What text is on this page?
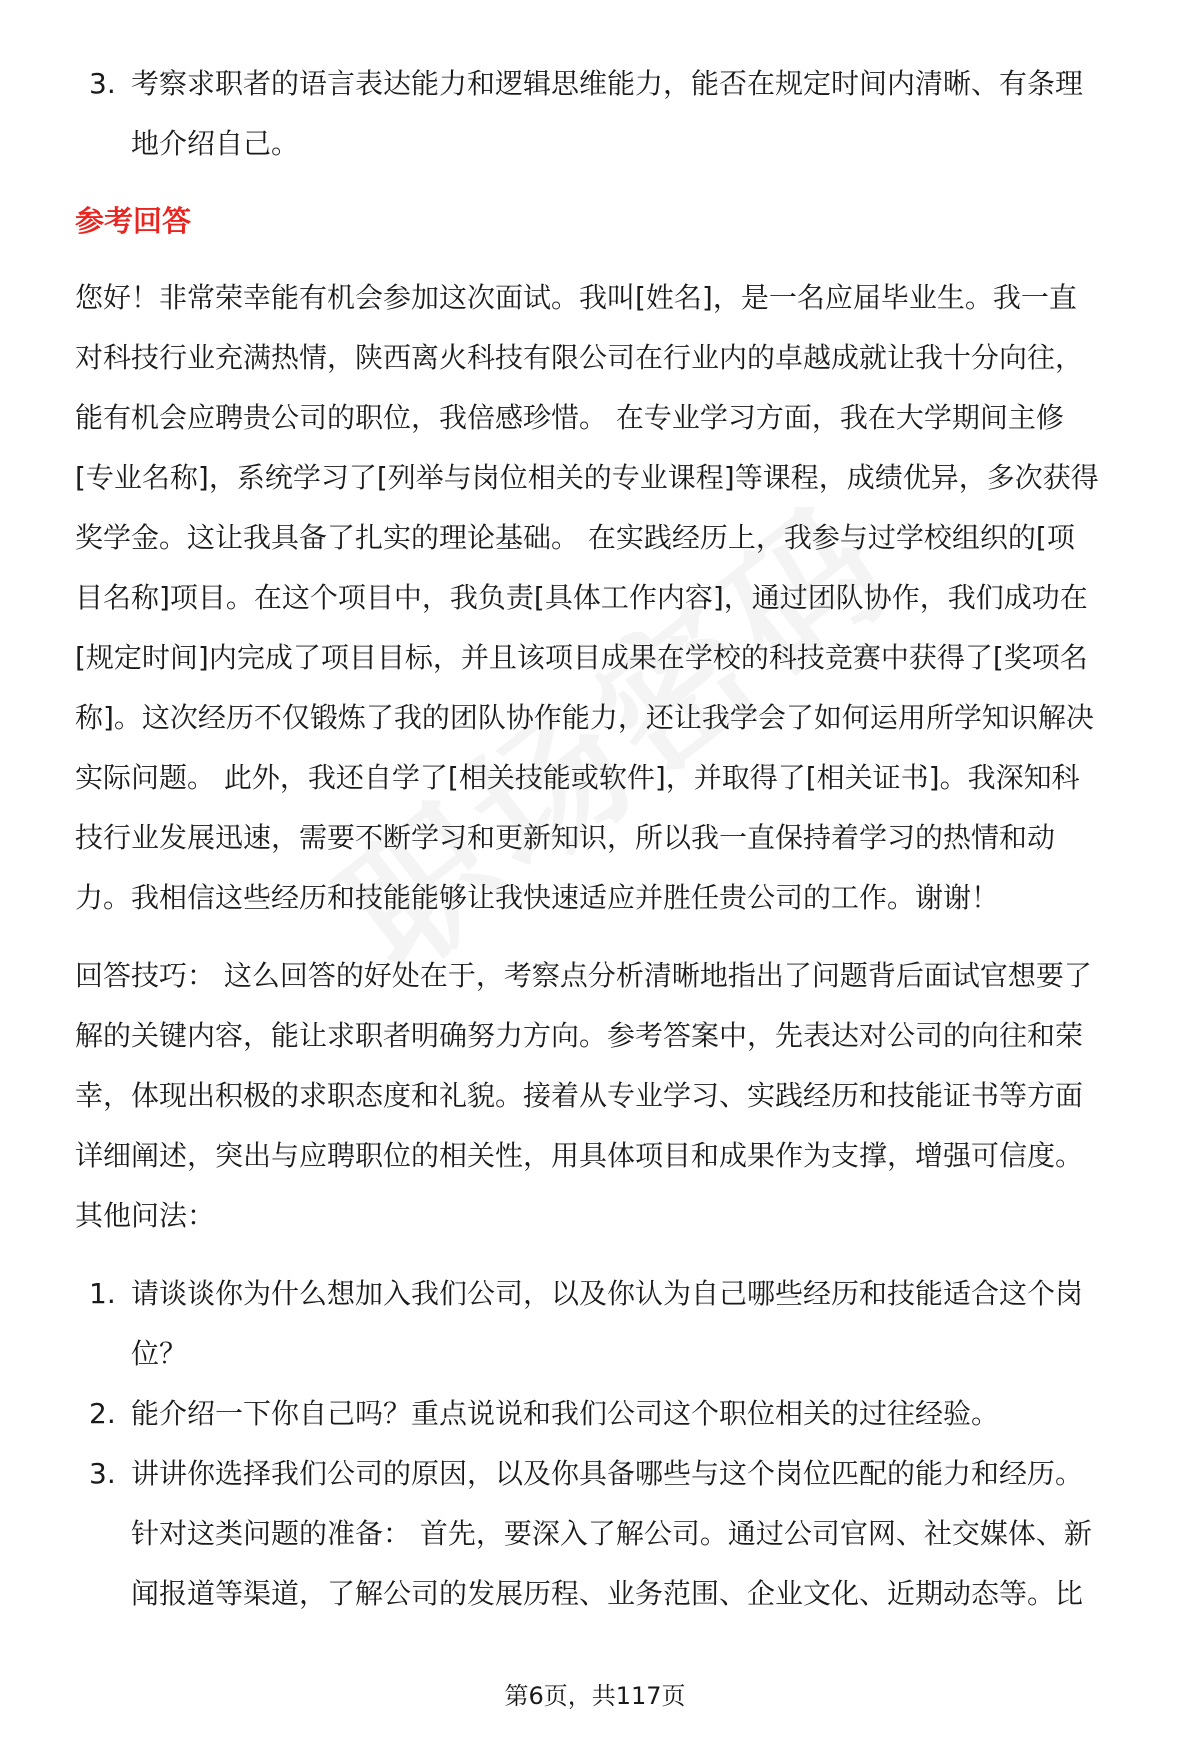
3. 考察求职者的语言表达能力和逻辑思维能力，能否在规定时间内清晰、有条理
地介绍自己。
参考回答
您好！非常荣幸能有机会参加这次面试。我叫[姓名]，是一名应届毕业生。我一直
对科技行业充满热情，陕西离火科技有限公司在行业内的卓越成就让我十分向往，
能有机会应聘贵公司的职位，我倍感珍惜。 在专业学习方面，我在大学期间主修
[专业名称]，系统学习了[列举与岗位相关的专业课程]等课程，成绩优异，多次获得
奖学金。这让我具备了扎实的理论基础。 在实践经历上，我参与过学校组织的[项
目名称]项目。在这个项目中，我负责[具体工作内容]，通过团队协作，我们成功在
[规定时间]内完成了项目目标，并且该项目成果在学校的科技竞赛中获得了[奖项名
称]。这次经历不仅锻炼了我的团队协作能力，还让我学会了如何运用所学知识解决
实际问题。 此外，我还自学了[相关技能或软件]，并取得了[相关证书]。我深知科
技行业发展迅速，需要不断学习和更新知识，所以我一直保持着学习的热情和动
力。我相信这些经历和技能能够让我快速适应并胜任贵公司的工作。谢谢！
回答技巧： 这么回答的好处在于，考察点分析清晰地指出了问题背后面试官想要了
解的关键内容，能让求职者明确努力方向。参考答案中，先表达对公司的向往和荣
幸，体现出积极的求职态度和礼貌。接着从专业学习、实践经历和技能证书等方面
详细阐述，突出与应聘职位的相关性，用具体项目和成果作为支撑，增强可信度。
其他问法：
1. 请谈谈你为什么想加入我们公司，以及你认为自己哪些经历和技能适合这个岗
位？
2. 能介绍一下你自己吗？重点说说和我们公司这个职位相关的过往经验。
3. 讲讲你选择我们公司的原因，以及你具备哪些与这个岗位匹配的能力和经历。
针对这类问题的准备： 首先，要深入了解公司。通过公司官网、社交媒体、新
闻报道等渠道，了解公司的发展历程、业务范围、企业文化、近期动态等。比
第6页，共117页
